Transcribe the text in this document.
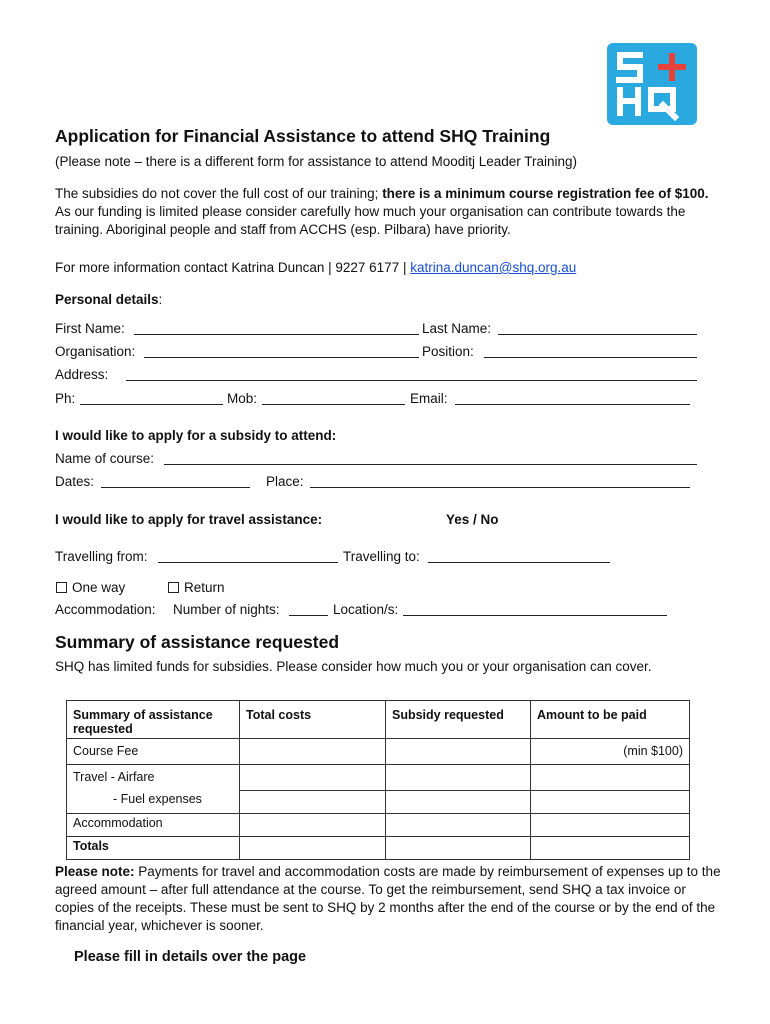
Application for Financial Assistance to attend SHQ Training
(Please note – there is a different form for assistance to attend Mooditj Leader Training)
The subsidies do not cover the full cost of our training; there is a minimum course registration fee of $100. As our funding is limited please consider carefully how much your organisation can contribute towards the training. Aboriginal people and staff from ACCHS (esp. Pilbara) have priority.
For more information contact Katrina Duncan | 9227 6177 | katrina.duncan@shq.org.au
Personal details:
First Name:	Last Name:
Organisation:	Position:
Address:
Ph:	Mob:	Email:
I would like to apply for a subsidy to attend:
Name of course:
Dates:	Place:
I would like to apply for travel assistance:	Yes / No
Travelling from:	Travelling to:
One way	Return
Accommodation: Number of nights:	Location/s:
Summary of assistance requested
SHQ has limited funds for subsidies. Please consider how much you or your organisation can cover.
Summary of assistance requested	Total costs	Subsidy requested	Amount to be paid
Course Fee			(min $100)
Travel - Airfare			
- Fuel expenses			
Accommodation			
Totals			
Please note: Payments for travel and accommodation costs are made by reimbursement of expenses up to the agreed amount – after full attendance at the course. To get the reimbursement, send SHQ a tax invoice or copies of the receipts. These must be sent to SHQ by 2 months after the end of the course or by the end of the financial year, whichever is sooner.
Please fill in details over the page
